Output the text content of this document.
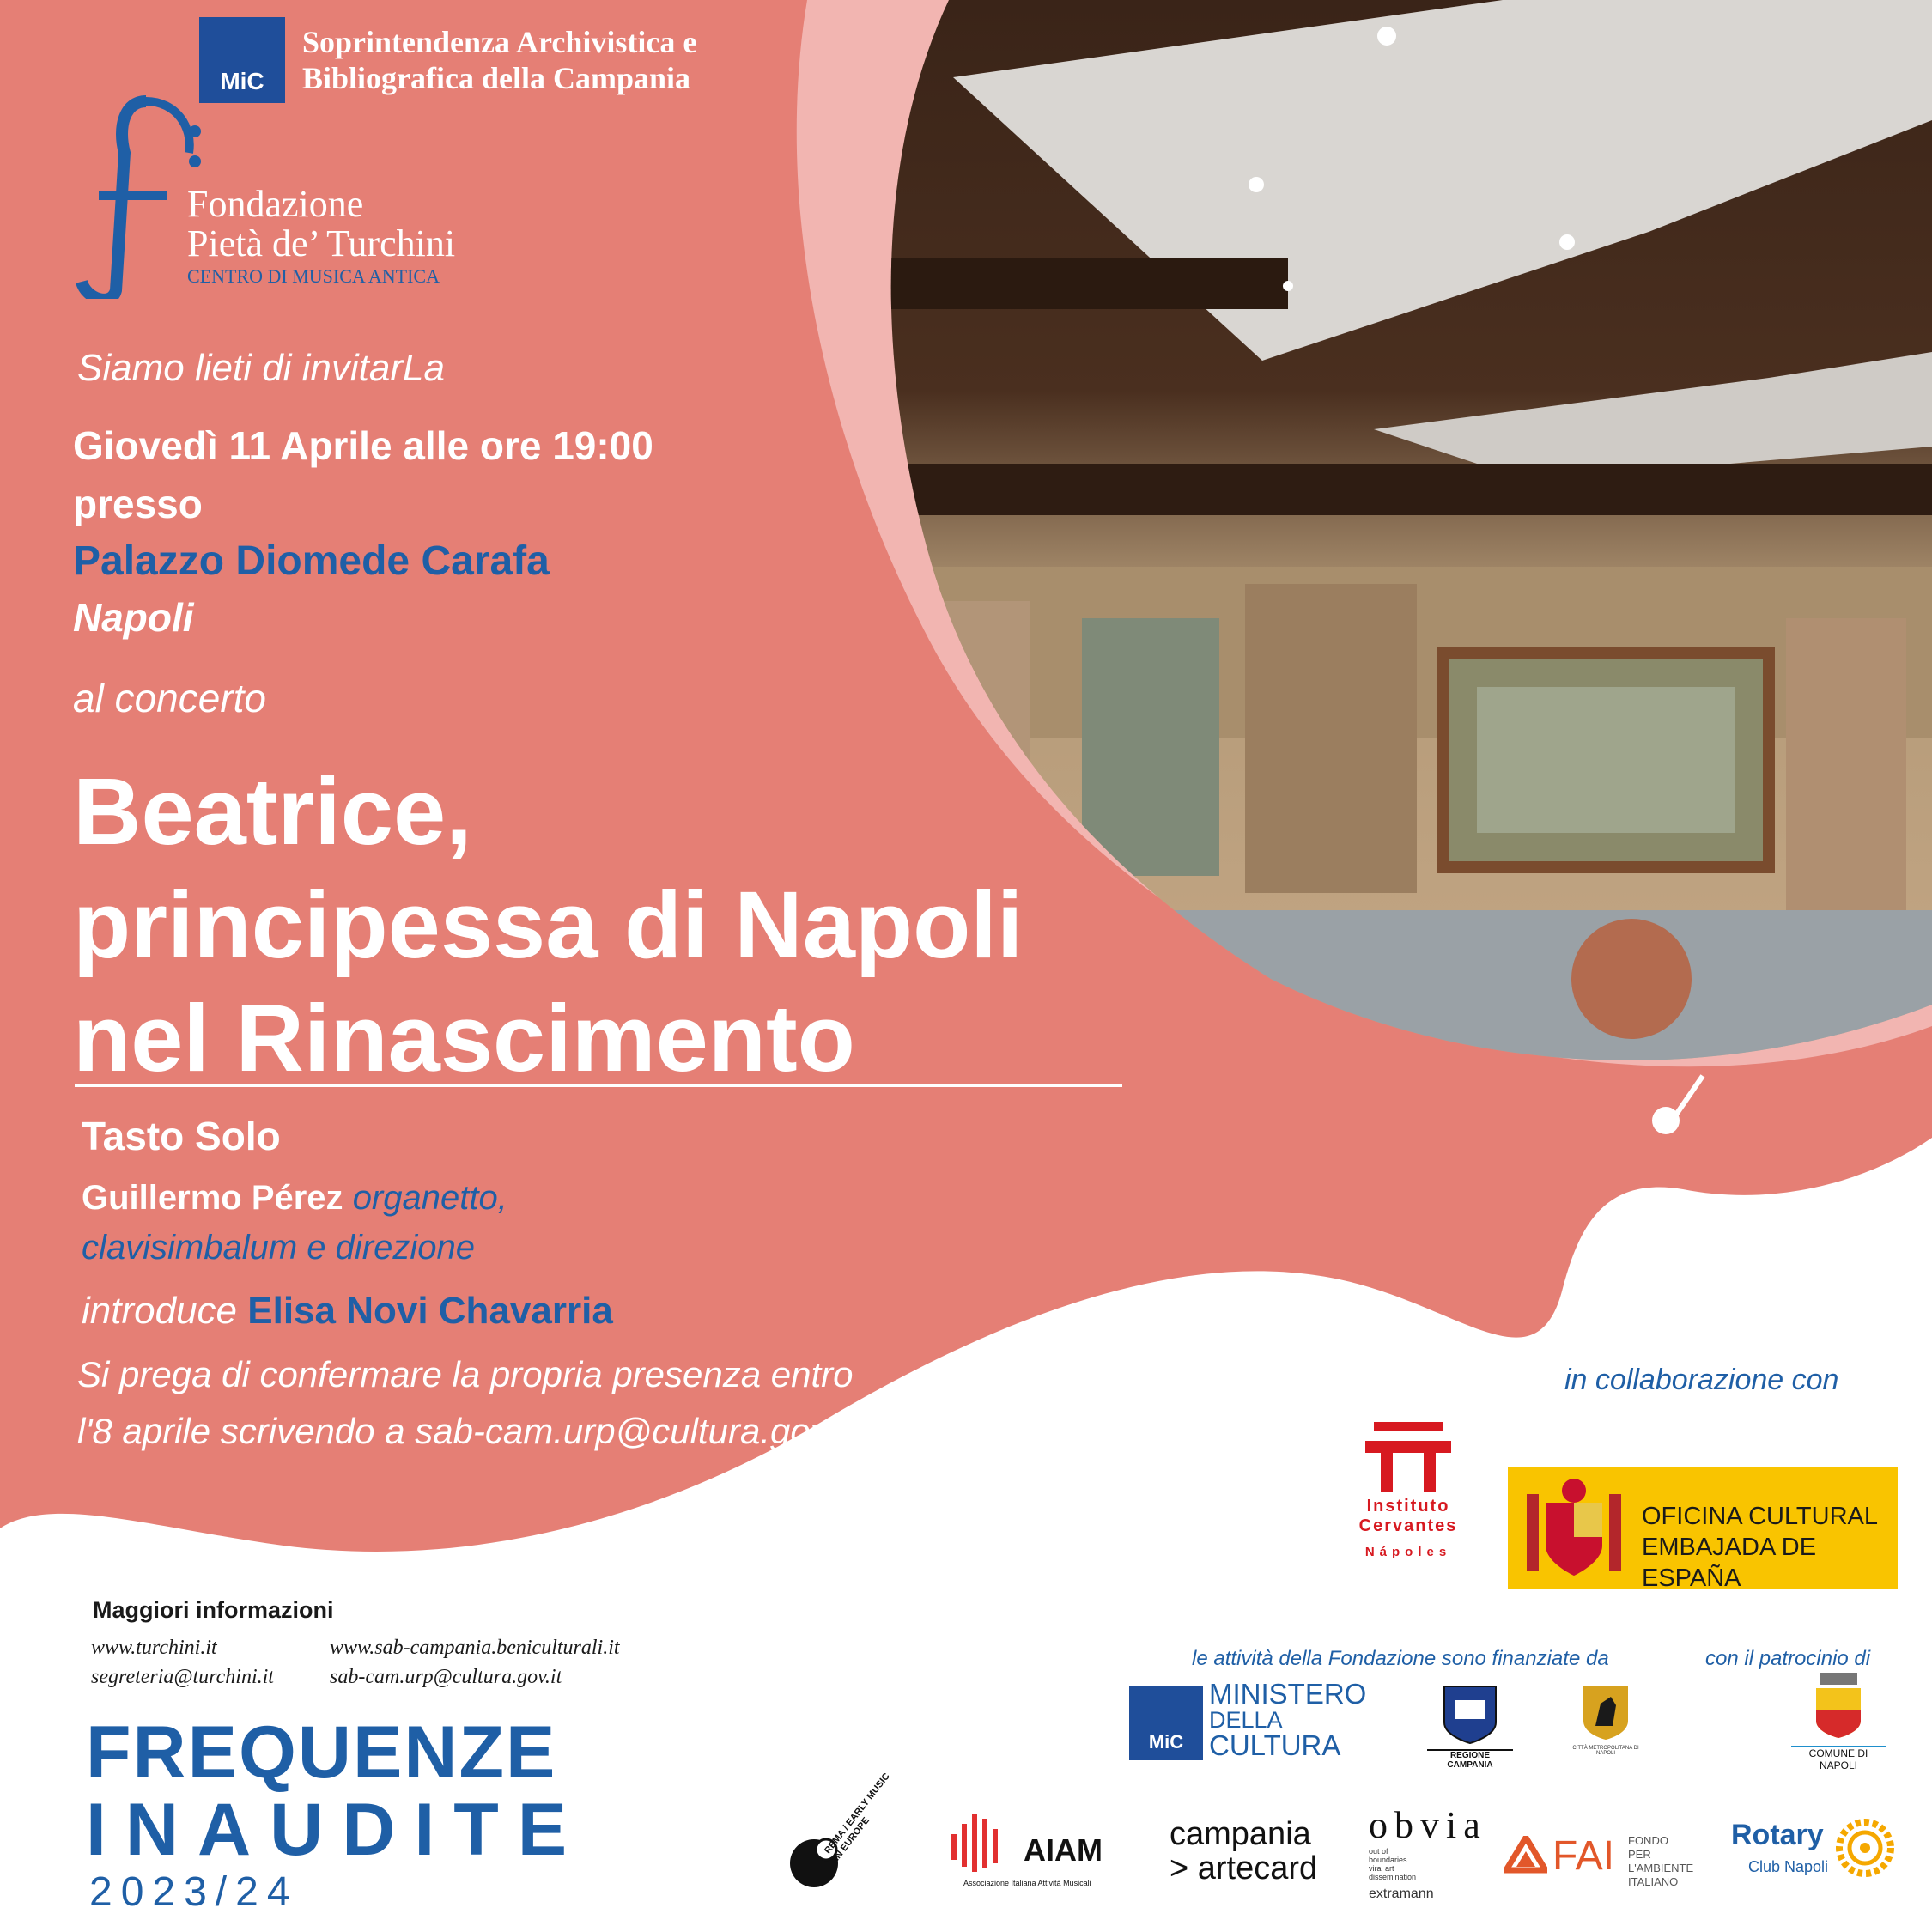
MiC
Soprintendenza Archivistica e
Bibliografica della Campania
Fondazione
Pietà de’ Turchini
CENTRO DI MUSICA ANTICA
Siamo lieti di invitarLa
Giovedì 11 Aprile alle ore 19:00
presso
Palazzo Diomede Carafa
Napoli
al concerto
Beatrice,
principessa di Napoli
nel Rinascimento
Tasto Solo
Guillermo Pérez organetto,
clavisimbalum e direzione
introduce Elisa Novi Chavarria
Si prega di confermare la propria presenza entro
l'8 aprile scrivendo a sab-cam.urp@cultura.gov.it
in collaborazione con
Instituto
Cervantes
Nápoles
OFICINA CULTURAL
EMBAJADA DE ESPAÑA
Maggiori informazioni
www.turchini.it
segreteria@turchini.it
www.sab-campania.beniculturali.it
sab-cam.urp@cultura.gov.it
FREQUENZE
INAUDITE
2023/24
le attività della Fondazione sono finanziate da	con il patrocinio di
MiC
MINISTERO
DELLA
CULTURA	REGIONE CAMPANIA
CITTÀ METROPOLITANA DI NAPOLI	COMUNE DI NAPOLI
REMA / EARLY MUSIC IN EUROPE	AIAM
Associazione Italiana Attività Musicali
campania
> artecard
obvia
out of boundaries viral art dissemination
extramann
FAI FONDO
PER L'AMBIENTE
ITALIANO
Rotary
Club Napoli
